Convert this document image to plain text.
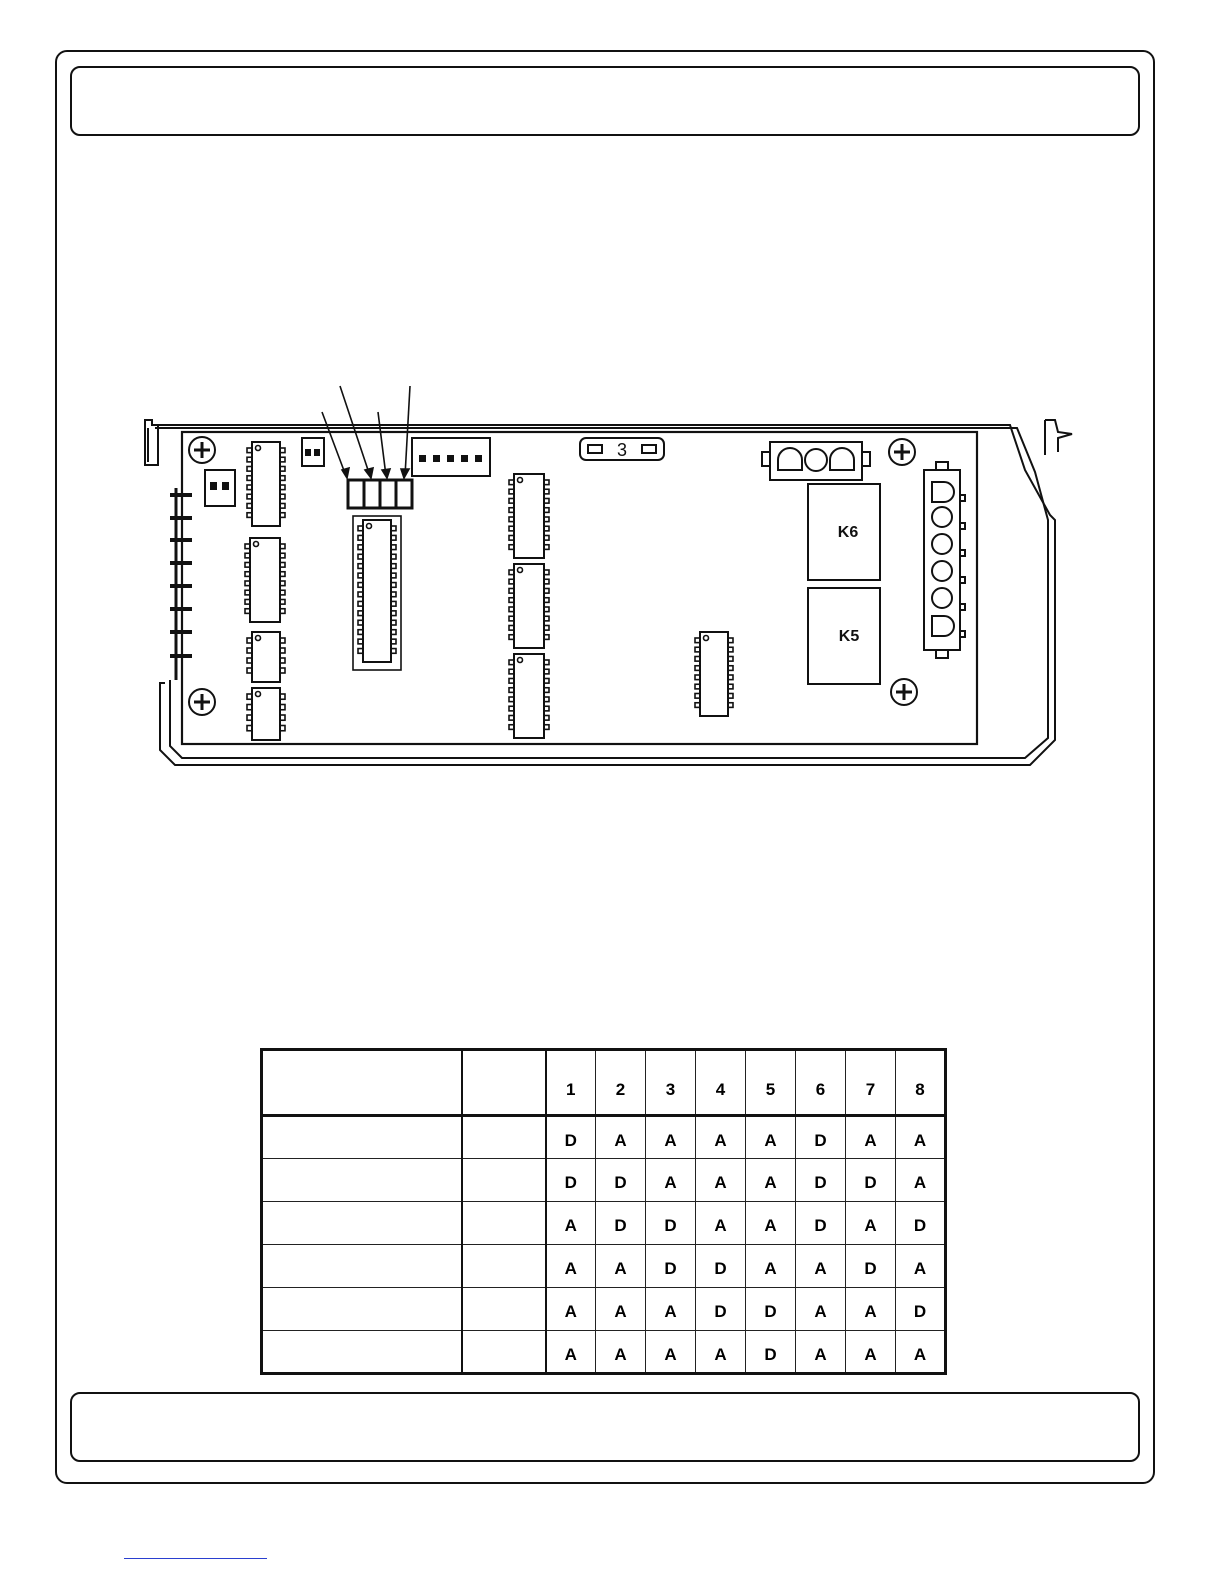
3
K6
K5
		1	2	3	4	5	6	7	8
		D	A	A	A	A	D	A	A
		D	D	A	A	A	D	D	A
		A	D	D	A	A	D	A	D
		A	A	D	D	A	A	D	A
		A	A	A	D	D	A	A	D
		A	A	A	A	D	A	A	A
